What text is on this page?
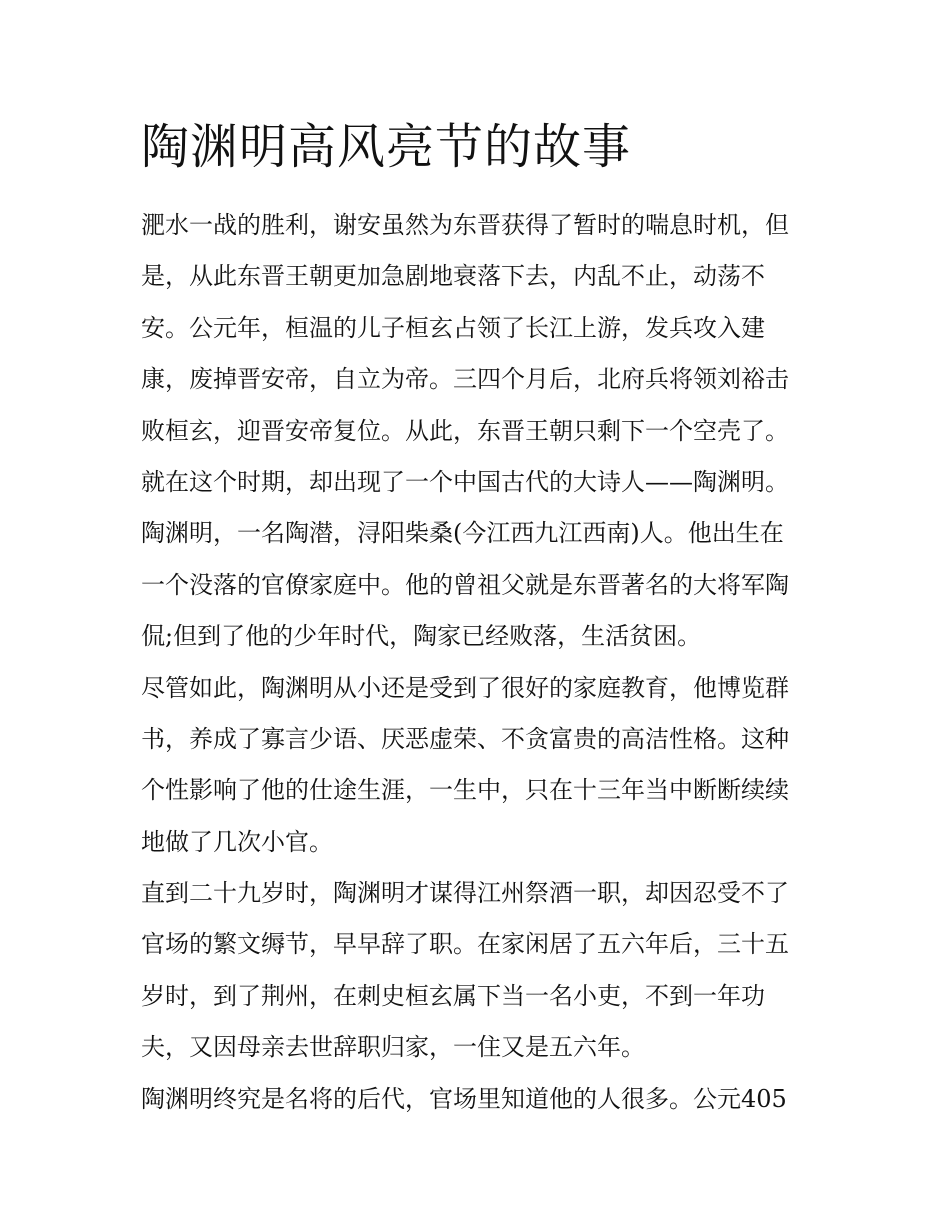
陶渊明高风亮节的故事
淝水一战的胜利，谢安虽然为东晋获得了暂时的喘息时机，但
是，从此东晋王朝更加急剧地衰落下去，内乱不止，动荡不
安。公元年，桓温的儿子桓玄占领了长江上游，发兵攻入建
康，废掉晋安帝，自立为帝。三四个月后，北府兵将领刘裕击
败桓玄，迎晋安帝复位。从此，东晋王朝只剩下一个空壳了。
就在这个时期，却出现了一个中国古代的大诗人——陶渊明。
陶渊明，一名陶潜，浔阳柴桑(今江西九江西南)人。他出生在
一个没落的官僚家庭中。他的曾祖父就是东晋著名的大将军陶
侃;但到了他的少年时代，陶家已经败落，生活贫困。
尽管如此，陶渊明从小还是受到了很好的家庭教育，他博览群
书，养成了寡言少语、厌恶虚荣、不贪富贵的高洁性格。这种
个性影响了他的仕途生涯，一生中，只在十三年当中断断续续
地做了几次小官。
直到二十九岁时，陶渊明才谋得江州祭酒一职，却因忍受不了
官场的繁文缛节，早早辞了职。在家闲居了五六年后，三十五
岁时，到了荆州，在刺史桓玄属下当一名小吏，不到一年功
夫，又因母亲去世辞职归家，一住又是五六年。
陶渊明终究是名将的后代，官场里知道他的人很多。公元405
